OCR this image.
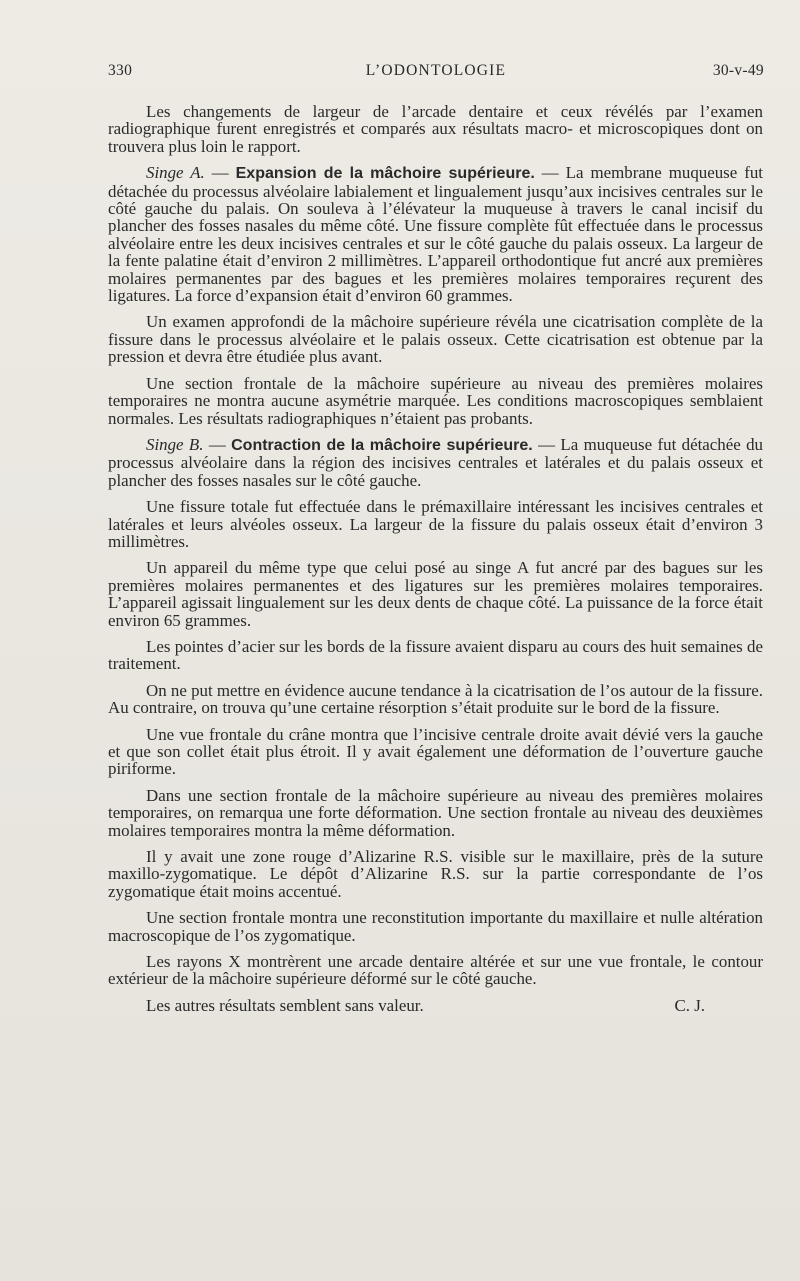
330	L’ODONTOLOGIE	30-v-49

Les changements de largeur de l’arcade dentaire et ceux révélés par l’examen radiographique furent enregistrés et comparés aux résultats macro- et microscopiques dont on trouvera plus loin le rapport.

Singe A. — Expansion de la mâchoire supérieure. — La membrane muqueuse fut détachée du processus alvéolaire labialement et lingualement jusqu’aux incisives centrales sur le côté gauche du palais. On souleva à l’élévateur la muqueuse à travers le canal incisif du plancher des fosses nasales du même côté. Une fissure complète fût effectuée dans le processus alvéolaire entre les deux incisives centrales et sur le côté gauche du palais osseux. La largeur de la fente palatine était d’environ 2 millimètres. L’appareil orthodontique fut ancré aux premières molaires permanentes par des bagues et les premières molaires temporaires reçurent des ligatures. La force d’expansion était d’environ 60 grammes.

Un examen approfondi de la mâchoire supérieure révéla une cicatrisation complète de la fissure dans le processus alvéolaire et le palais osseux. Cette cicatrisation est obtenue par la pression et devra être étudiée plus avant.

Une section frontale de la mâchoire supérieure au niveau des premières molaires temporaires ne montra aucune asymétrie marquée. Les conditions macroscopiques semblaient normales. Les résultats radiographiques n’étaient pas probants.

Singe B. — Contraction de la mâchoire supérieure. — La muqueuse fut détachée du processus alvéolaire dans la région des incisives centrales et latérales et du palais osseux et plancher des fosses nasales sur le côté gauche.

Une fissure totale fut effectuée dans le prémaxillaire intéressant les incisives centrales et latérales et leurs alvéoles osseux. La largeur de la fissure du palais osseux était d’environ 3 millimètres.

Un appareil du même type que celui posé au singe A fut ancré par des bagues sur les premières molaires permanentes et des ligatures sur les premières molaires temporaires. L’appareil agissait lingualement sur les deux dents de chaque côté. La puissance de la force était environ 65 grammes.

Les pointes d’acier sur les bords de la fissure avaient disparu au cours des huit semaines de traitement.

On ne put mettre en évidence aucune tendance à la cicatrisation de l’os autour de la fissure. Au contraire, on trouva qu’une certaine résorption s’était produite sur le bord de la fissure.

Une vue frontale du crâne montra que l’incisive centrale droite avait dévié vers la gauche et que son collet était plus étroit. Il y avait également une déformation de l’ouverture gauche piriforme.

Dans une section frontale de la mâchoire supérieure au niveau des premières molaires temporaires, on remarqua une forte déformation. Une section frontale au niveau des deuxièmes molaires temporaires montra la même déformation.

Il y avait une zone rouge d’Alizarine R.S. visible sur le maxillaire, près de la suture maxillo-zygomatique. Le dépôt d’Alizarine R.S. sur la partie correspondante de l’os zygomatique était moins accentué.

Une section frontale montra une reconstitution importante du maxillaire et nulle altération macroscopique de l’os zygomatique.

Les rayons X montrèrent une arcade dentaire altérée et sur une vue frontale, le contour extérieur de la mâchoire supérieure déformé sur le côté gauche.

Les autres résultats semblent sans valeur.	C. J.
